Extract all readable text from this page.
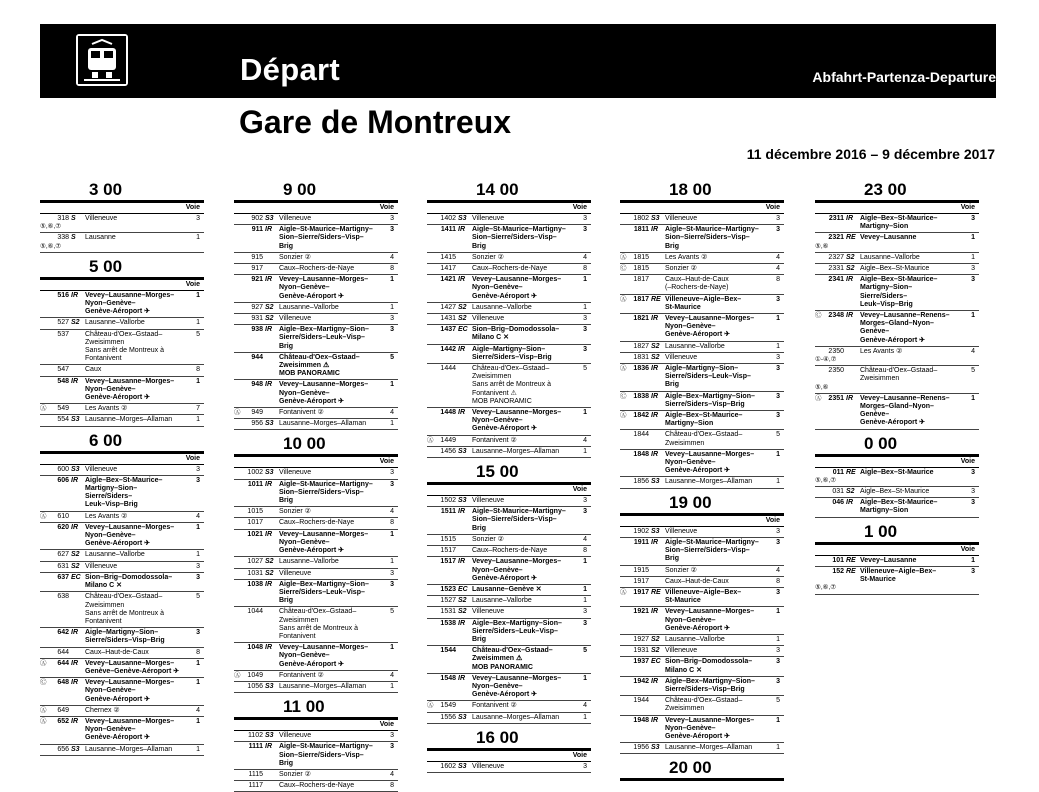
Départ	Abfahrt-Partenza-Departure
Gare de Montreux
11 décembre 2016 – 9 décembre 2017
3 00
Voie
318 S	Villeneuve	3
⑤,⑥,⑦
338 S	Lausanne	1
⑤,⑥,⑦
5 00
Voie
516 IR	Vevey–Lausanne–Morges–
Nyon–Genève–
Genève-Aéroport ✈
1
527 S2 Lausanne–Vallorbe	1
537 Château-d'Oex–Gstaad–
Zweisimmen
Sans arrêt de Montreux à
Fontanivent
5
547 Caux	8
548 IR	Vevey–Lausanne–Morges–
Nyon–Genève–
Genève-Aéroport ✈
1
Ⓐ	549 Les Avants ②	7
554 S3 Lausanne–Morges–Allaman	1
6 00
Voie
600 S3 Villeneuve	3
606 IR	Aigle–Bex–St-Maurice–
Martigny–Sion–Sierre/Siders–
Leuk–Visp–Brig
3
Ⓐ	610 Les Avants ②	4
620 IR	Vevey–Lausanne–Morges–
Nyon–Genève–
Genève-Aéroport ✈
1
627 S2 Lausanne–Vallorbe	1
631 S2 Villeneuve	3
637 EC Sion–Brig–Domodossola–
Milano C ✕
3
638 Château-d'Oex–Gstaad–
Zweisimmen
Sans arrêt de Montreux à
Fontanivent
5
642 IR	Aigle–Martigny–Sion–
Sierre/Siders–Visp–Brig
3
644 Caux–Haut-de-Caux	8
Ⓐ	644 IR	Vevey–Lausanne–Morges–
Genève–Genève-Aéroport ✈
1
Ⓒ	648 IR	Vevey–Lausanne–Morges–
Nyon–Genève–
Genève-Aéroport ✈
1
Ⓐ	649 Chernex ②	4
Ⓐ	652 IR	Vevey–Lausanne–Morges–
Nyon–Genève–
Genève-Aéroport ✈
1
656 S3 Lausanne–Morges–Allaman	1
9 00
Voie
902 S3 Villeneuve	3
911 IR	Aigle–St-Maurice–Martigny–
Sion–Sierre/Siders–Visp–Brig
3
915 Sonzier ②	4
917 Caux–Rochers-de-Naye	8
921 IR	Vevey–Lausanne–Morges–
Nyon–Genève–
Genève-Aéroport ✈
1
927 S2 Lausanne–Vallorbe	1
931 S2 Villeneuve	3
938 IR	Aigle–Bex–Martigny–Sion–
Sierre/Siders–Leuk–Visp–Brig
3
944 Château-d'Oex–Gstaad–
Zweisimmen ⚠
MOB PANORAMIC
5
948 IR	Vevey–Lausanne–Morges–
Nyon–Genève–
Genève-Aéroport ✈
1
Ⓐ	949 Fontanivent ②	4
956 S3 Lausanne–Morges–Allaman	1
10 00
Voie
1002 S3 Villeneuve	3
1011 IR	Aigle–St-Maurice–Martigny–
Sion–Sierre/Siders–Visp–Brig
3
1015 Sonzier ②	4
1017 Caux–Rochers-de-Naye	8
1021 IR	Vevey–Lausanne–Morges–
Nyon–Genève–
Genève-Aéroport ✈
1
1027 S2 Lausanne–Vallorbe	1
1031 S2 Villeneuve	3
1038 IR	Aigle–Bex–Martigny–Sion–
Sierre/Siders–Leuk–Visp–Brig
3
1044 Château-d'Oex–Gstaad–
Zweisimmen
Sans arrêt de Montreux à
Fontanivent
5
1048 IR	Vevey–Lausanne–Morges–
Nyon–Genève–
Genève-Aéroport ✈
1
Ⓐ 1049 Fontanivent ②	4
1056 S3 Lausanne–Morges–Allaman	1
11 00
Voie
1102 S3 Villeneuve	3
1111 IR	Aigle–St-Maurice–Martigny–
Sion–Sierre/Siders–Visp–Brig
3
1115 Sonzier ②	4
1117 Caux–Rochers-de-Naye	8
14 00
Voie
1402 S3 Villeneuve	3
1411 IR	Aigle–St-Maurice–Martigny–
Sion–Sierre/Siders–Visp–Brig
3
1415 Sonzier ②	4
1417 Caux–Rochers-de-Naye	8
1421 IR	Vevey–Lausanne–Morges–
Nyon–Genève–
Genève-Aéroport ✈
1
1427 S2 Lausanne–Vallorbe	1
1431 S2 Villeneuve	3
1437 EC Sion–Brig–Domodossola–
Milano C ✕
3
1442 IR	Aigle–Martigny–Sion–
Sierre/Siders–Visp–Brig
3
1444 Château-d'Oex–Gstaad–
Zweisimmen
Sans arrêt de Montreux à
Fontanivent ⚠
MOB PANORAMIC
5
1448 IR	Vevey–Lausanne–Morges–
Nyon–Genève–
Genève-Aéroport ✈
1
Ⓐ 1449 Fontanivent ②	4
1456 S3 Lausanne–Morges–Allaman	1
15 00
Voie
1502 S3 Villeneuve	3
1511 IR	Aigle–St-Maurice–Martigny–
Sion–Sierre/Siders–Visp–Brig
3
1515 Sonzier ②	4
1517 Caux–Rochers-de-Naye	8
1517 IR	Vevey–Lausanne–Morges–
Nyon–Genève–
Genève-Aéroport ✈
1
1523 EC Lausanne–Genève ✕	1
1527 S2 Lausanne–Vallorbe	1
1531 S2 Villeneuve	3
1538 IR	Aigle–Bex–Martigny–Sion–
Sierre/Siders–Leuk–Visp–Brig
3
1544 Château-d'Oex–Gstaad–
Zweisimmen ⚠
MOB PANORAMIC
5
1548 IR	Vevey–Lausanne–Morges–
Nyon–Genève–
Genève-Aéroport ✈
1
Ⓐ 1549 Fontanivent ②	4
1556 S3 Lausanne–Morges–Allaman	1
16 00
Voie
1602 S3 Villeneuve	3
18 00
Voie
1802 S3 Villeneuve	3
1811 IR	Aigle–St-Maurice–Martigny–
Sion–Sierre/Siders–Visp–Brig
3
Ⓐ 1815 Les Avants ②	4
Ⓒ 1815 Sonzier ②	4
1817 Caux–Haut-de-Caux
(–Rochers-de-Naye)
8
Ⓐ 1817 RE Villeneuve–Aigle–Bex–
St-Maurice
3
1821 IR	Vevey–Lausanne–Morges–
Nyon–Genève–
Genève-Aéroport ✈
1
1827 S2 Lausanne–Vallorbe	1
1831 S2 Villeneuve	3
Ⓐ 1836 IR	Aigle–Martigny–Sion–
Sierre/Siders–Leuk–Visp–Brig
3
Ⓒ 1838 IR	Aigle–Bex–Martigny–Sion–
Sierre/Siders–Visp–Brig
3
Ⓐ 1842 IR	Aigle–Bex–St-Maurice–
Martigny–Sion
3
1844 Château-d'Oex–Gstaad–
Zweisimmen
5
1848 IR	Vevey–Lausanne–Morges–
Nyon–Genève–
Genève-Aéroport ✈
1
1856 S3 Lausanne–Morges–Allaman	1
19 00
Voie
1902 S3 Villeneuve	3
1911 IR	Aigle–St-Maurice–Martigny–
Sion–Sierre/Siders–Visp–Brig
3
1915 Sonzier ②	4
1917 Caux–Haut-de-Caux	8
Ⓐ 1917 RE Villeneuve–Aigle–Bex–
St-Maurice
3
1921 IR	Vevey–Lausanne–Morges–
Nyon–Genève–
Genève-Aéroport ✈
1
1927 S2 Lausanne–Vallorbe	1
1931 S2 Villeneuve	3
1937 EC Sion–Brig–Domodossola–
Milano C ✕
3
1942 IR	Aigle–Bex–Martigny–Sion–
Sierre/Siders–Visp–Brig
3
1944 Château-d'Oex–Gstaad–
Zweisimmen
5
1948 IR	Vevey–Lausanne–Morges–
Nyon–Genève–
Genève-Aéroport ✈
1
1956 S3 Lausanne–Morges–Allaman	1
20 00
23 00
Voie
2311 IR	Aigle–Bex–St-Maurice–
Martigny–Sion
3
2321 RE Vevey–Lausanne	1
⑤,⑥
2327 S2 Lausanne–Vallorbe	1
2331 S2 Aigle–Bex–St-Maurice	3
2341 IR	Aigle–Bex–St-Maurice–
Martigny–Sion–Sierre/Siders–
Leuk–Visp–Brig
3
Ⓒ 2348 IR	Vevey–Lausanne–Renens–
Morges–Gland–Nyon–Genève–
Genève-Aéroport ✈
1
2350 Les Avants ②	4
①-④,⑦
2350 Château-d'Oex–Gstaad–
Zweisimmen
5
⑤,⑥
Ⓐ 2351 IR	Vevey–Lausanne–Renens–
Morges–Gland–Nyon–Genève–
Genève-Aéroport ✈
1
0 00
Voie
011 RE Aigle–Bex–St-Maurice	3
⑤,⑥,⑦
031 S2 Aigle–Bex–St-Maurice	3
046 IR	Aigle–Bex–St-Maurice–
Martigny–Sion
3
1 00
Voie
101 RE Vevey–Lausanne	1
152 RE Villeneuve–Aigle–Bex–
St-Maurice
3
⑤,⑥,⑦
